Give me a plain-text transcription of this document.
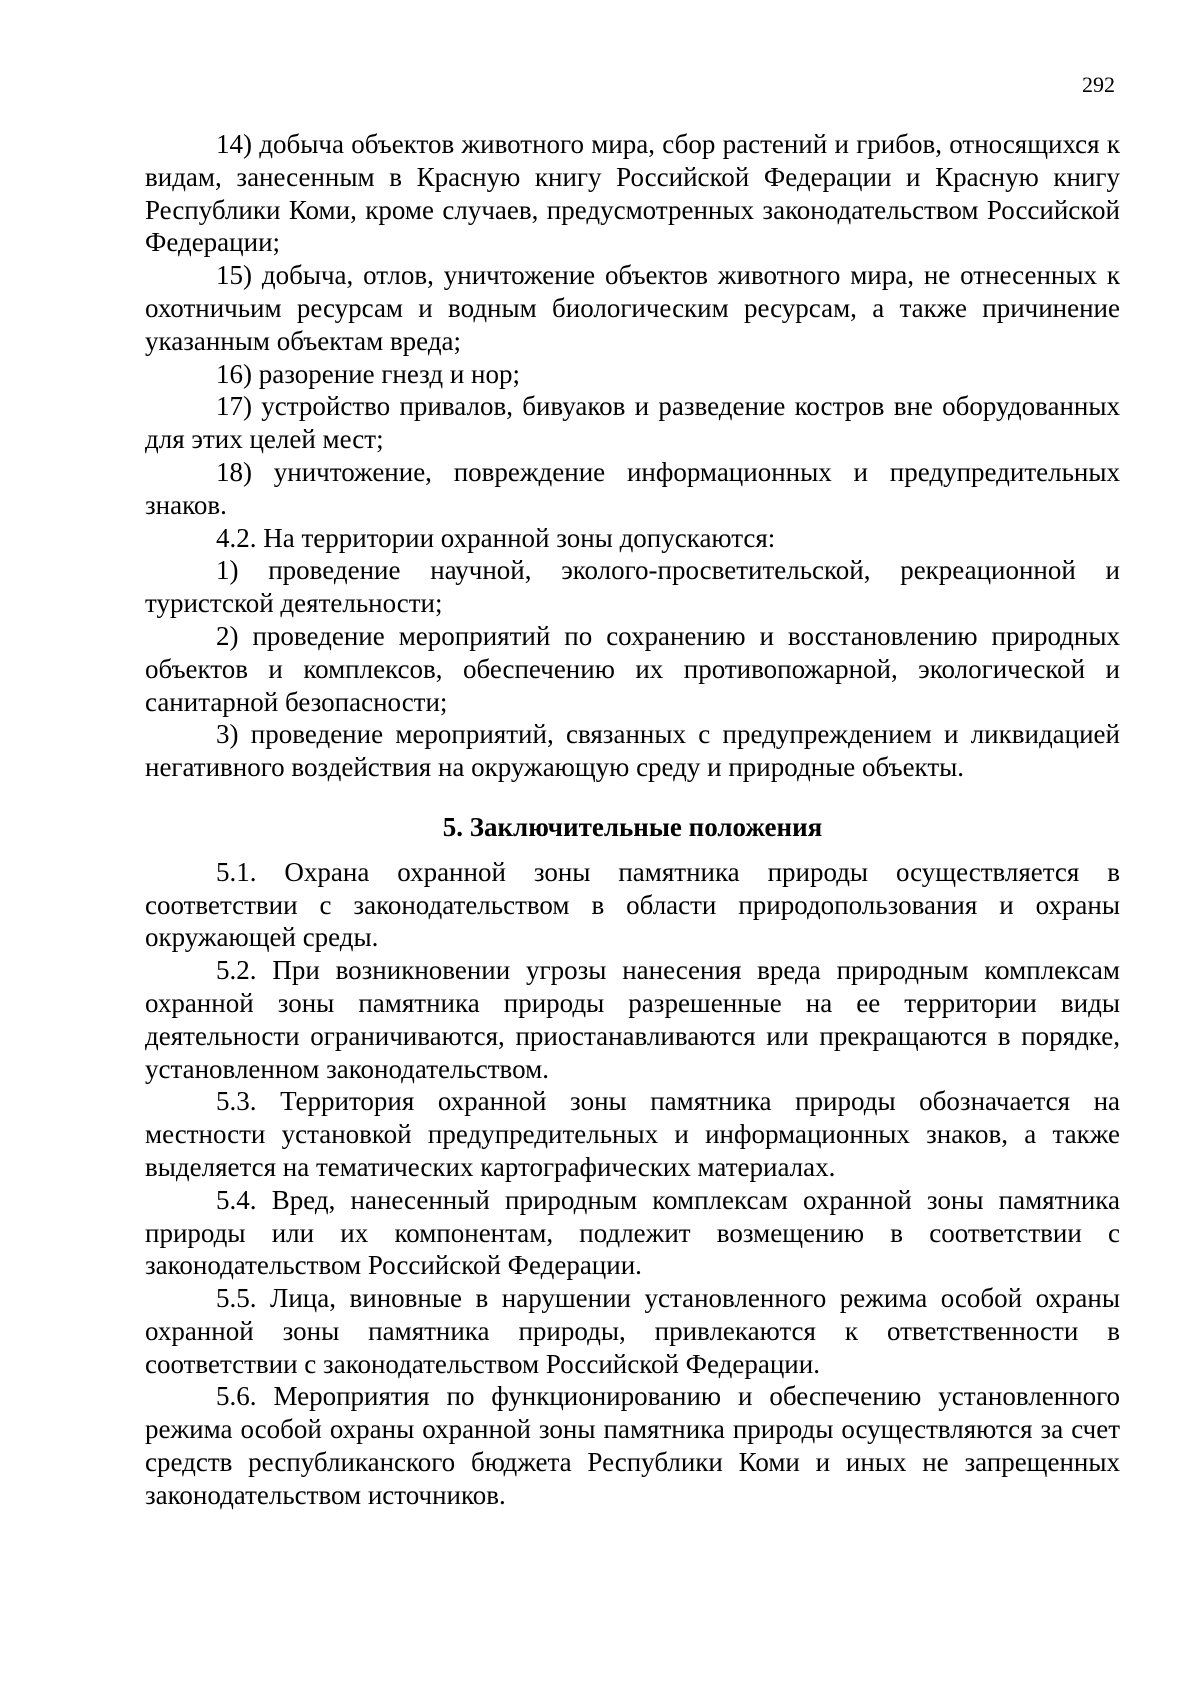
292

14) добыча объектов животного мира, сбор растений и грибов, относящихся к видам, занесенным в Красную книгу Российской Федерации и Красную книгу Республики Коми, кроме случаев, предусмотренных законодательством Российской Федерации;

15) добыча, отлов, уничтожение объектов животного мира, не отнесенных к охотничьим ресурсам и водным биологическим ресурсам, а также причинение указанным объектам вреда;

16) разорение гнезд и нор;

17) устройство привалов, бивуаков и разведение костров вне оборудованных для этих целей мест;

18) уничтожение, повреждение информационных и предупредительных знаков.

4.2. На территории охранной зоны допускаются:

1) проведение научной, эколого-просветительской, рекреационной и туристской деятельности;

2) проведение мероприятий по сохранению и восстановлению природных объектов и комплексов, обеспечению их противопожарной, экологической и санитарной безопасности;

3) проведение мероприятий, связанных с предупреждением и ликвидацией негативного воздействия на окружающую среду и природные объекты.

5. Заключительные положения

5.1. Охрана охранной зоны памятника природы осуществляется в соответствии с законодательством в области природопользования и охраны окружающей среды.

5.2. При возникновении угрозы нанесения вреда природным комплексам охранной зоны памятника природы разрешенные на ее территории виды деятельности ограничиваются, приостанавливаются или прекращаются в порядке, установленном законодательством.

5.3. Территория охранной зоны памятника природы обозначается на местности установкой предупредительных и информационных знаков, а также выделяется на тематических картографических материалах.

5.4. Вред, нанесенный природным комплексам охранной зоны памятника природы или их компонентам, подлежит возмещению в соответствии с законодательством Российской Федерации.

5.5. Лица, виновные в нарушении установленного режима особой охраны охранной зоны памятника природы, привлекаются к ответственности в соответствии с законодательством Российской Федерации.

5.6. Мероприятия по функционированию и обеспечению установленного режима особой охраны охранной зоны памятника природы осуществляются за счет средств республиканского бюджета Республики Коми и иных не запрещенных законодательством источников.
